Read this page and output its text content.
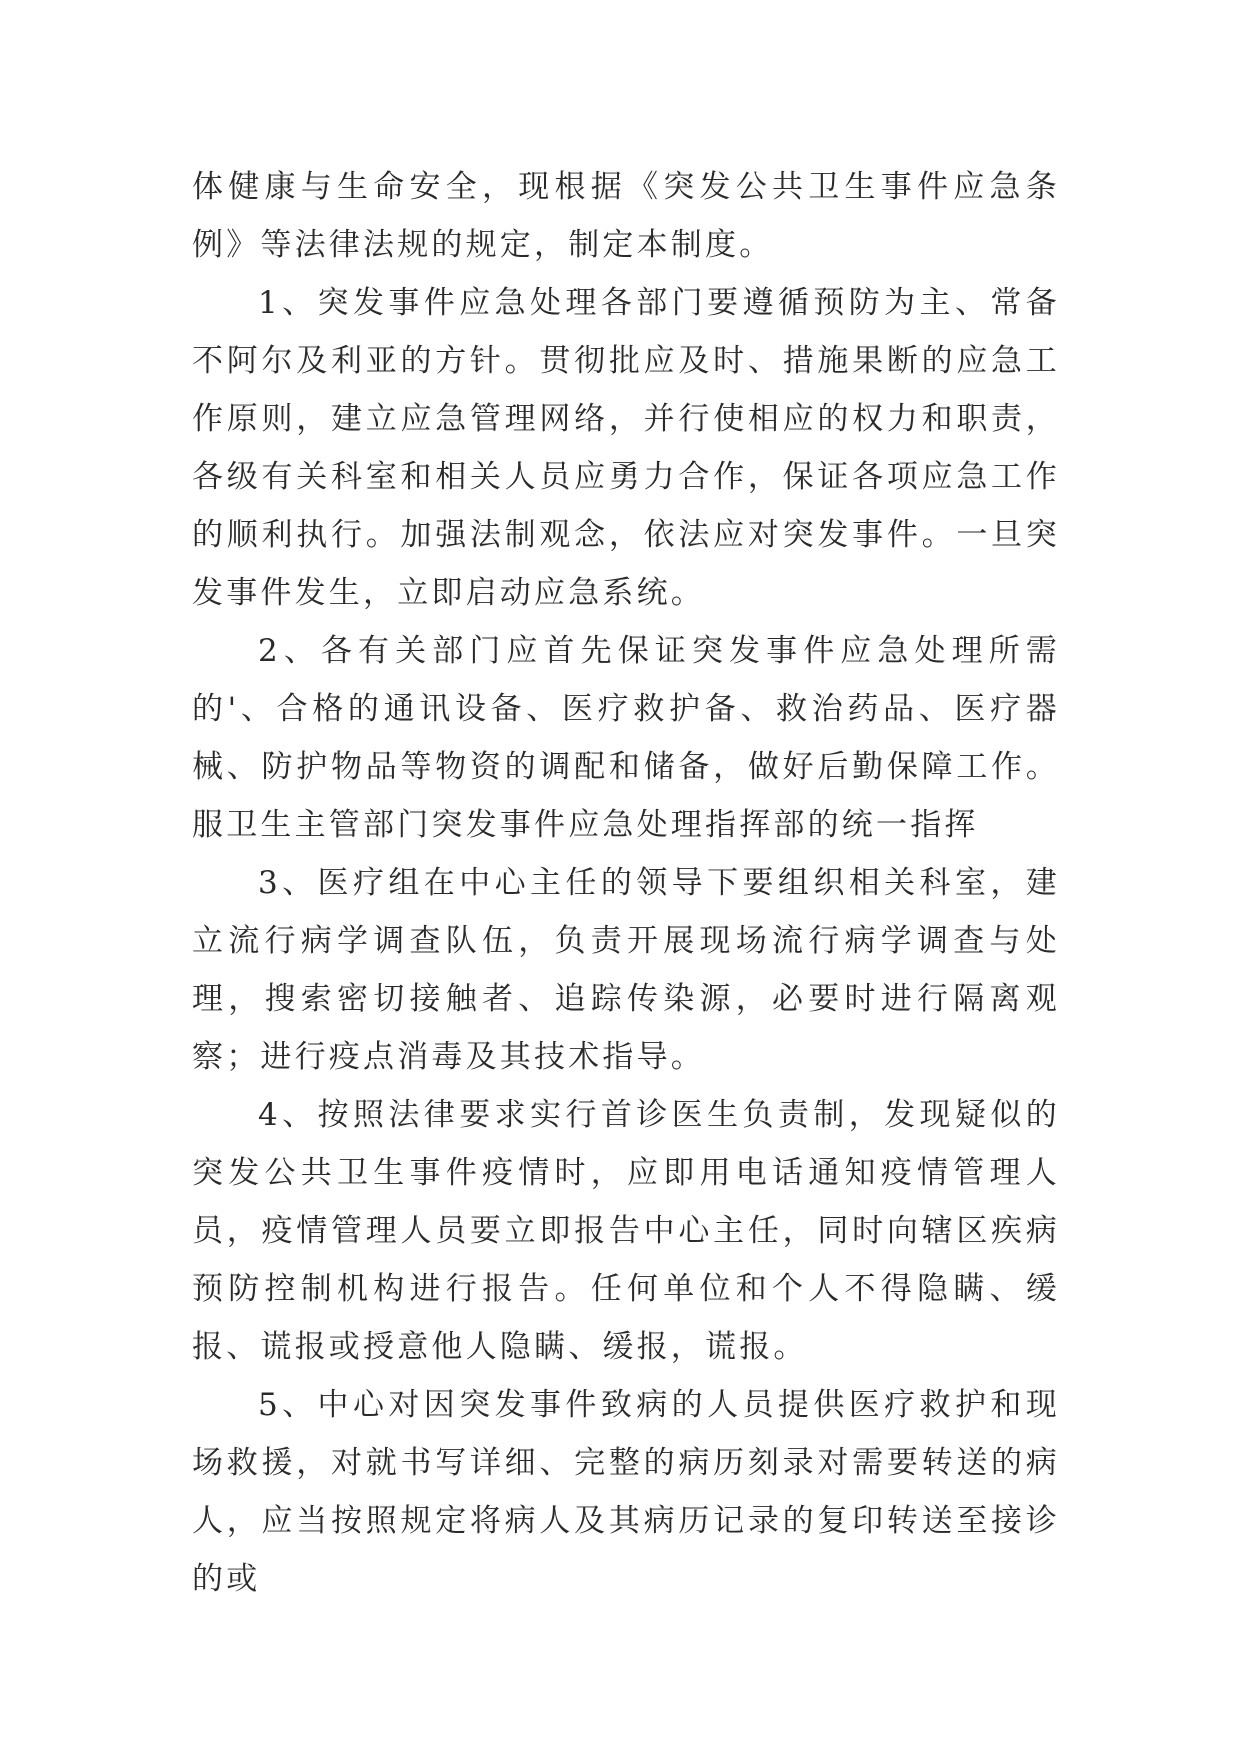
体健康与生命安全，现根据《突发公共卫生事件应急条例》等法律法规的规定，制定本制度。

1、突发事件应急处理各部门要遵循预防为主、常备不阿尔及利亚的方针。贯彻批应及时、措施果断的应急工作原则，建立应急管理网络，并行使相应的权力和职责，各级有关科室和相关人员应勇力合作，保证各项应急工作的顺利执行。加强法制观念，依法应对突发事件。一旦突发事件发生，立即启动应急系统。

2、各有关部门应首先保证突发事件应急处理所需的'、合格的通讯设备、医疗救护备、救治药品、医疗器械、防护物品等物资的调配和储备，做好后勤保障工作。服卫生主管部门突发事件应急处理指挥部的统一指挥

3、医疗组在中心主任的领导下要组织相关科室，建立流行病学调查队伍，负责开展现场流行病学调查与处理，搜索密切接触者、追踪传染源，必要时进行隔离观察；进行疫点消毒及其技术指导。

4、按照法律要求实行首诊医生负责制，发现疑似的突发公共卫生事件疫情时，应即用电话通知疫情管理人员，疫情管理人员要立即报告中心主任，同时向辖区疾病预防控制机构进行报告。任何单位和个人不得隐瞒、缓报、谎报或授意他人隐瞒、缓报，谎报。

5、中心对因突发事件致病的人员提供医疗救护和现场救援，对就书写详细、完整的病历刻录对需要转送的病人，应当按照规定将病人及其病历记录的复印转送至接诊的或
